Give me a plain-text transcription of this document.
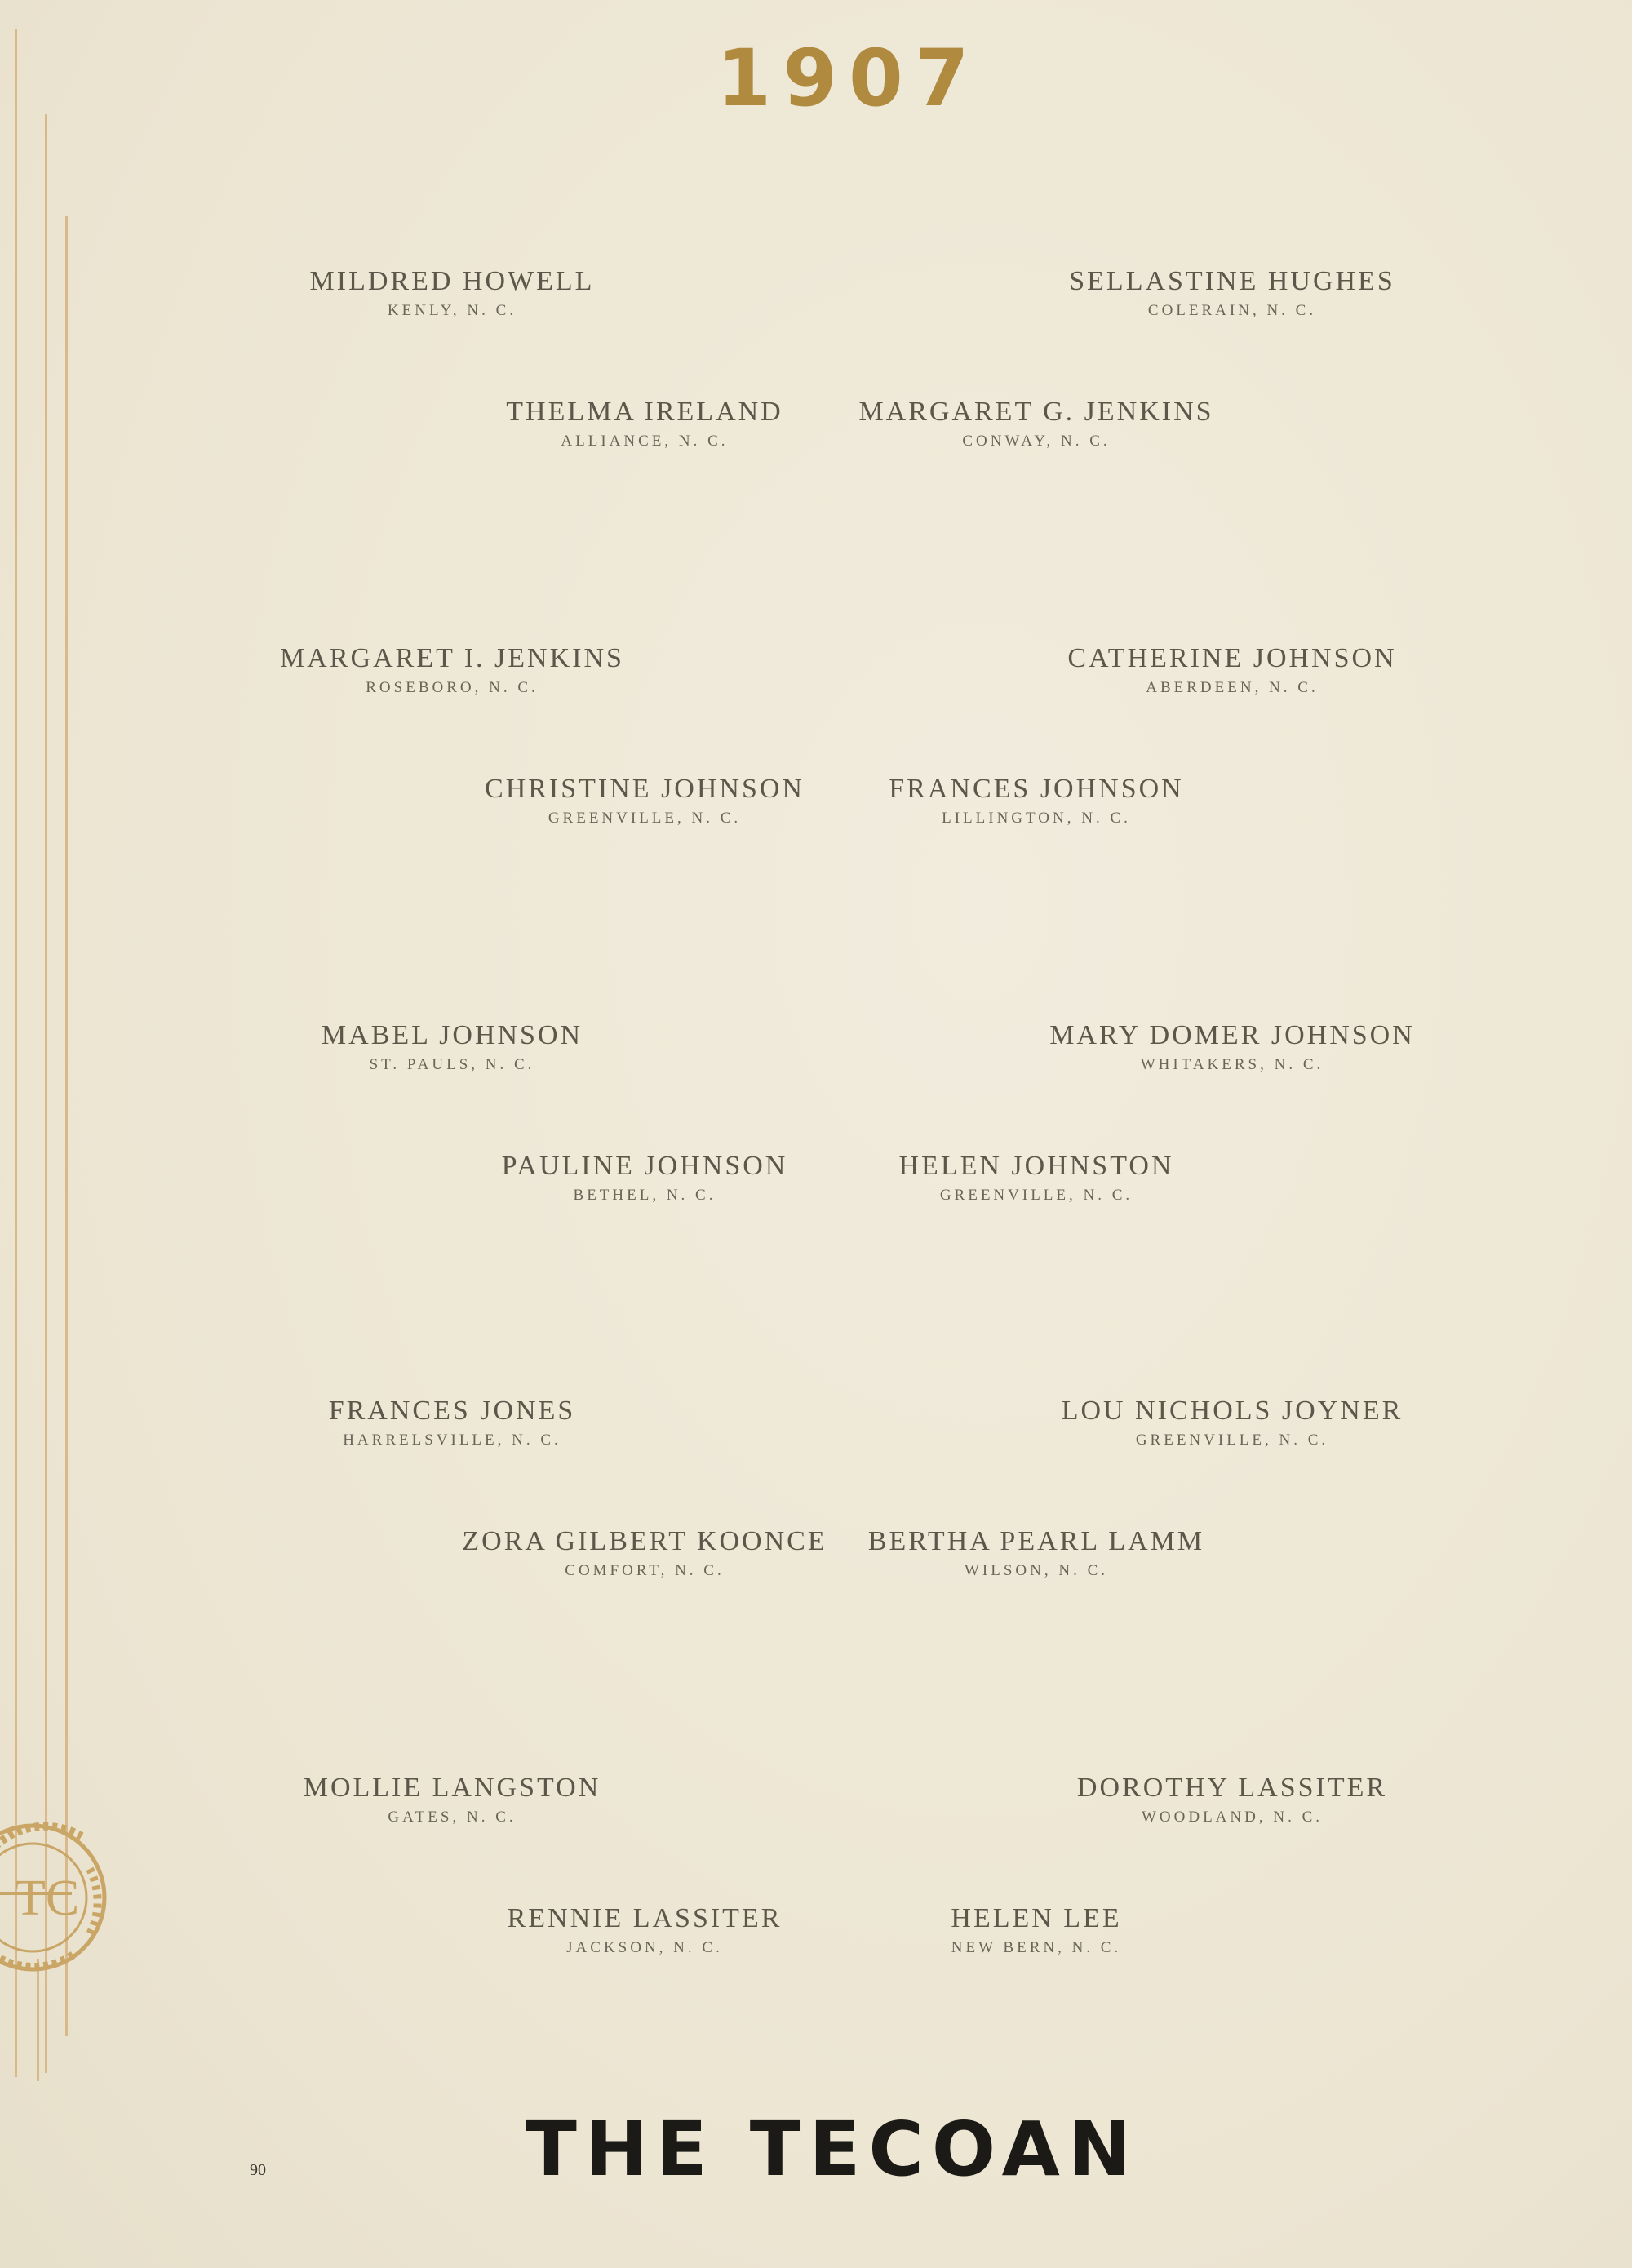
1907
MILDRED HOWELL
KENLY, N. C.
SELLASTINE HUGHES
COLERAIN, N. C.
THELMA IRELAND
ALLIANCE, N. C.
MARGARET G. JENKINS
CONWAY, N. C.
MARGARET I. JENKINS
ROSEBORO, N. C.
CATHERINE JOHNSON
ABERDEEN, N. C.
CHRISTINE JOHNSON
GREENVILLE, N. C.
FRANCES JOHNSON
LILLINGTON, N. C.
MABEL JOHNSON
ST. PAULS, N. C.
MARY DOMER JOHNSON
WHITAKERS, N. C.
PAULINE JOHNSON
BETHEL, N. C.
HELEN JOHNSTON
GREENVILLE, N. C.
FRANCES JONES
HARRELSVILLE, N. C.
LOU NICHOLS JOYNER
GREENVILLE, N. C.
ZORA GILBERT KOONCE
COMFORT, N. C.
BERTHA PEARL LAMM
WILSON, N. C.
MOLLIE LANGSTON
GATES, N. C.
DOROTHY LASSITER
WOODLAND, N. C.
RENNIE LASSITER
JACKSON, N. C.
HELEN LEE
NEW BERN, N. C.
TC
THE TECOAN
90
